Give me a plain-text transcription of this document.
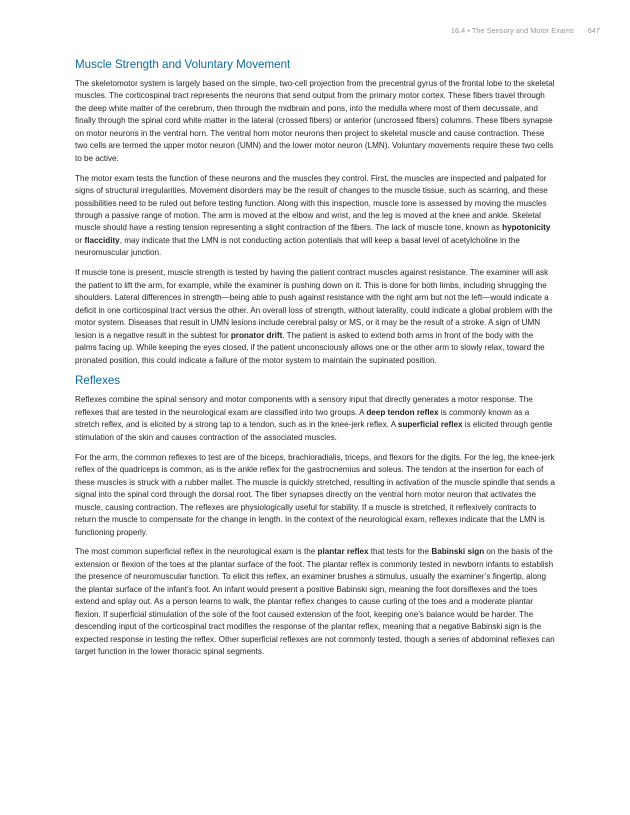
16.4 • The Sensory and Motor Exams 647
Muscle Strength and Voluntary Movement

The skeletomotor system is largely based on the simple, two-cell projection from the precentral gyrus of the frontal lobe to the skeletal muscles. The corticospinal tract represents the neurons that send output from the primary motor cortex. These fibers travel through the deep white matter of the cerebrum, then through the midbrain and pons, into the medulla where most of them decussate, and finally through the spinal cord white matter in the lateral (crossed fibers) or anterior (uncrossed fibers) columns. These fibers synapse on motor neurons in the ventral horn. The ventral horn motor neurons then project to skeletal muscle and cause contraction. These two cells are termed the upper motor neuron (UMN) and the lower motor neuron (LMN). Voluntary movements require these two cells to be active.

The motor exam tests the function of these neurons and the muscles they control. First, the muscles are inspected and palpated for signs of structural irregularities. Movement disorders may be the result of changes to the muscle tissue, such as scarring, and these possibilities need to be ruled out before testing function. Along with this inspection, muscle tone is assessed by moving the muscles through a passive range of motion. The arm is moved at the elbow and wrist, and the leg is moved at the knee and ankle. Skeletal muscle should have a resting tension representing a slight contraction of the fibers. The lack of muscle tone, known as hypotonicity or flaccidity, may indicate that the LMN is not conducting action potentials that will keep a basal level of acetylcholine in the neuromuscular junction.

If muscle tone is present, muscle strength is tested by having the patient contract muscles against resistance. The examiner will ask the patient to lift the arm, for example, while the examiner is pushing down on it. This is done for both limbs, including shrugging the shoulders. Lateral differences in strength—being able to push against resistance with the right arm but not the left—would indicate a deficit in one corticospinal tract versus the other. An overall loss of strength, without laterality, could indicate a global problem with the motor system. Diseases that result in UMN lesions include cerebral palsy or MS, or it may be the result of a stroke. A sign of UMN lesion is a negative result in the subtest for pronator drift. The patient is asked to extend both arms in front of the body with the palms facing up. While keeping the eyes closed, if the patient unconsciously allows one or the other arm to slowly relax, toward the pronated position, this could indicate a failure of the motor system to maintain the supinated position.

Reflexes

Reflexes combine the spinal sensory and motor components with a sensory input that directly generates a motor response. The reflexes that are tested in the neurological exam are classified into two groups. A deep tendon reflex is commonly known as a stretch reflex, and is elicited by a strong tap to a tendon, such as in the knee-jerk reflex. A superficial reflex is elicited through gentle stimulation of the skin and causes contraction of the associated muscles.

For the arm, the common reflexes to test are of the biceps, brachioradialis, triceps, and flexors for the digits. For the leg, the knee-jerk reflex of the quadriceps is common, as is the ankle reflex for the gastrocnemius and soleus. The tendon at the insertion for each of these muscles is struck with a rubber mallet. The muscle is quickly stretched, resulting in activation of the muscle spindle that sends a signal into the spinal cord through the dorsal root. The fiber synapses directly on the ventral horn motor neuron that activates the muscle, causing contraction. The reflexes are physiologically useful for stability. If a muscle is stretched, it reflexively contracts to return the muscle to compensate for the change in length. In the context of the neurological exam, reflexes indicate that the LMN is functioning properly.

The most common superficial reflex in the neurological exam is the plantar reflex that tests for the Babinski sign on the basis of the extension or flexion of the toes at the plantar surface of the foot. The plantar reflex is commonly tested in newborn infants to establish the presence of neuromuscular function. To elicit this reflex, an examiner brushes a stimulus, usually the examiner’s fingertip, along the plantar surface of the infant’s foot. An infant would present a positive Babinski sign, meaning the foot dorsiflexes and the toes extend and splay out. As a person learns to walk, the plantar reflex changes to cause curling of the toes and a moderate plantar flexion. If superficial stimulation of the sole of the foot caused extension of the foot, keeping one’s balance would be harder. The descending input of the corticospinal tract modifies the response of the plantar reflex, meaning that a negative Babinski sign is the expected response in testing the reflex. Other superficial reflexes are not commonly tested, though a series of abdominal reflexes can target function in the lower thoracic spinal segments.
